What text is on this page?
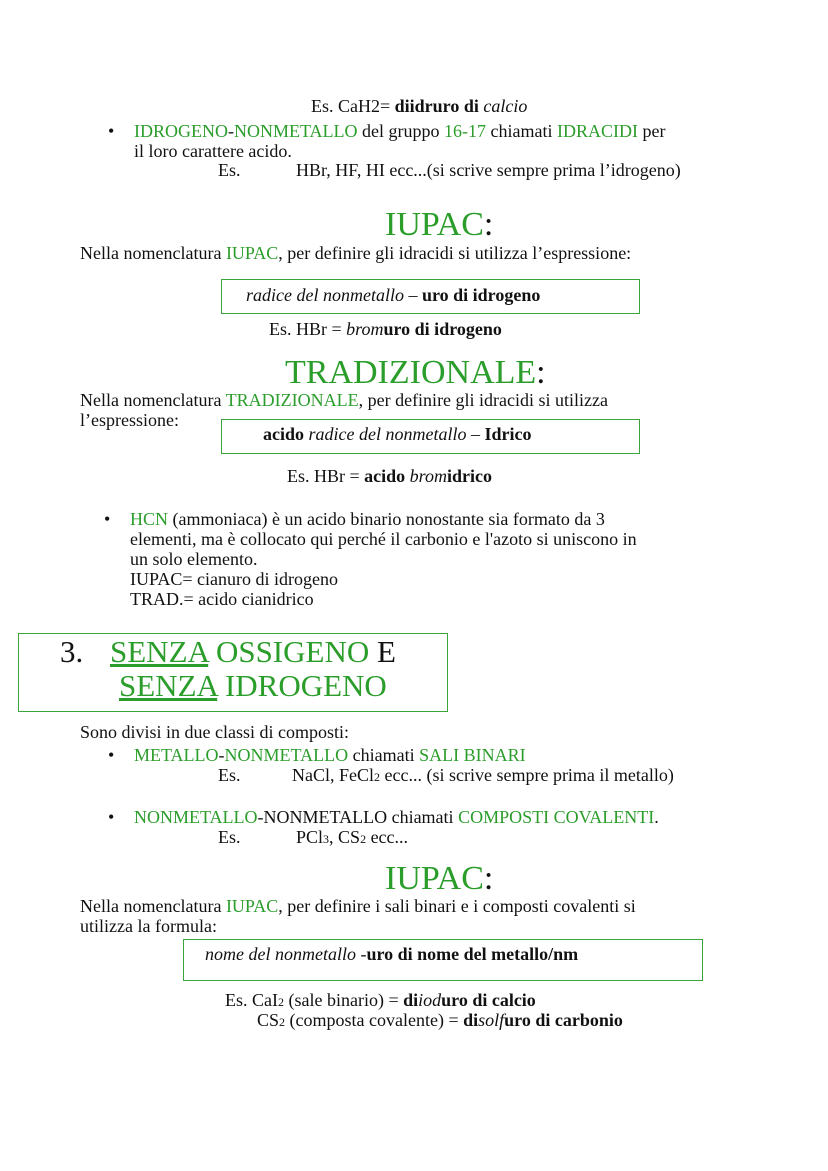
Es. CaH2= diidruro di calcio
• IDROGENO-NONMETALLO del gruppo 16-17 chiamati IDRACIDI per
il loro carattere acido.
Es.	HBr, HF, HI ecc...(si scrive sempre prima l’idrogeno)
IUPAC:
Nella nomenclatura IUPAC, per definire gli idracidi si utilizza l’espressione:
radice del nonmetallo – uro di idrogeno
Es. HBr = bromuro di idrogeno
TRADIZIONALE:
Nella nomenclatura TRADIZIONALE, per definire gli idracidi si utilizza
l’espressione:
acido radice del nonmetallo – Idrico
Es. HBr = acido bromidrico
• HCN (ammoniaca) è un acido binario nonostante sia formato da 3
elementi, ma è collocato qui perché il carbonio e l'azoto si uniscono in
un solo elemento.
IUPAC= cianuro di idrogeno
TRAD.= acido cianidrico
3. SENZA OSSIGENO E
SENZA IDROGENO
Sono divisi in due classi di composti:
• METALLO-NONMETALLO chiamati SALI BINARI
Es.	NaCl, FeCl2 ecc... (si scrive sempre prima il metallo)
• NONMETALLO-NONMETALLO chiamati COMPOSTI COVALENTI.
Es.	PCl3, CS2 ecc...
IUPAC:
Nella nomenclatura IUPAC, per definire i sali binari e i composti covalenti si
utilizza la formula:
nome del nonmetallo -uro di nome del metallo/nm
Es. CaI2 (sale binario) = diioduro di calcio
CS2 (composta covalente) = disolfuro di carbonio
